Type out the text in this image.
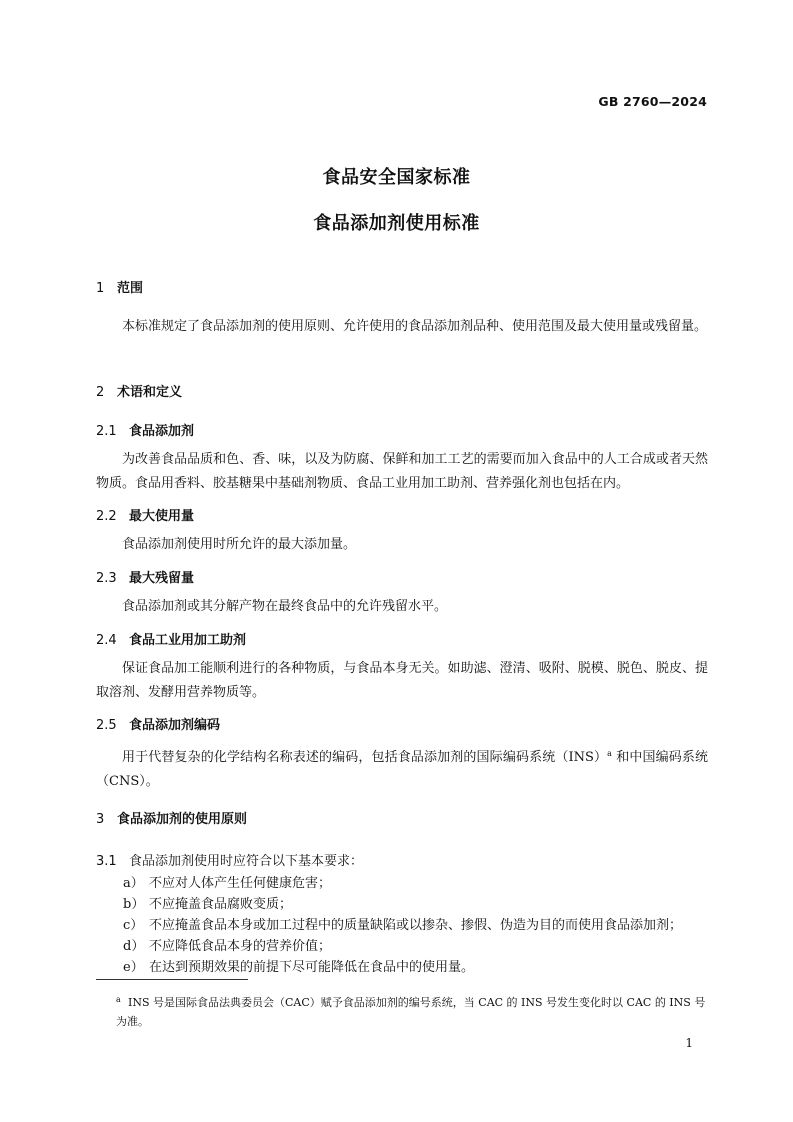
GB 2760—2024
食品安全国家标准
食品添加剂使用标准
1 范围
本标准规定了食品添加剂的使用原则、允许使用的食品添加剂品种、使用范围及最大使用量或残留量。
2 术语和定义
2.1 食品添加剂
为改善食品品质和色、香、味，以及为防腐、保鲜和加工工艺的需要而加入食品中的人工合成或者天然物质。食品用香料、胶基糖果中基础剂物质、食品工业用加工助剂、营养强化剂也包括在内。
2.2 最大使用量
食品添加剂使用时所允许的最大添加量。
2.3 最大残留量
食品添加剂或其分解产物在最终食品中的允许残留水平。
2.4 食品工业用加工助剂
保证食品加工能顺利进行的各种物质，与食品本身无关。如助滤、澄清、吸附、脱模、脱色、脱皮、提取溶剂、发酵用营养物质等。
2.5 食品添加剂编码
用于代替复杂的化学结构名称表述的编码，包括食品添加剂的国际编码系统（INS）$^a$ 和中国编码系统（CNS）。
3 食品添加剂的使用原则
3.1 食品添加剂使用时应符合以下基本要求：
a） 不应对人体产生任何健康危害；
b） 不应掩盖食品腐败变质；
c） 不应掩盖食品本身或加工过程中的质量缺陷或以掺杂、掺假、伪造为目的而使用食品添加剂；
d） 不应降低食品本身的营养价值；
e） 在达到预期效果的前提下尽可能降低在食品中的使用量。
a INS 号是国际食品法典委员会（CAC）赋予食品添加剂的编号系统，当 CAC 的 INS 号发生变化时以 CAC 的 INS 号为准。
1
